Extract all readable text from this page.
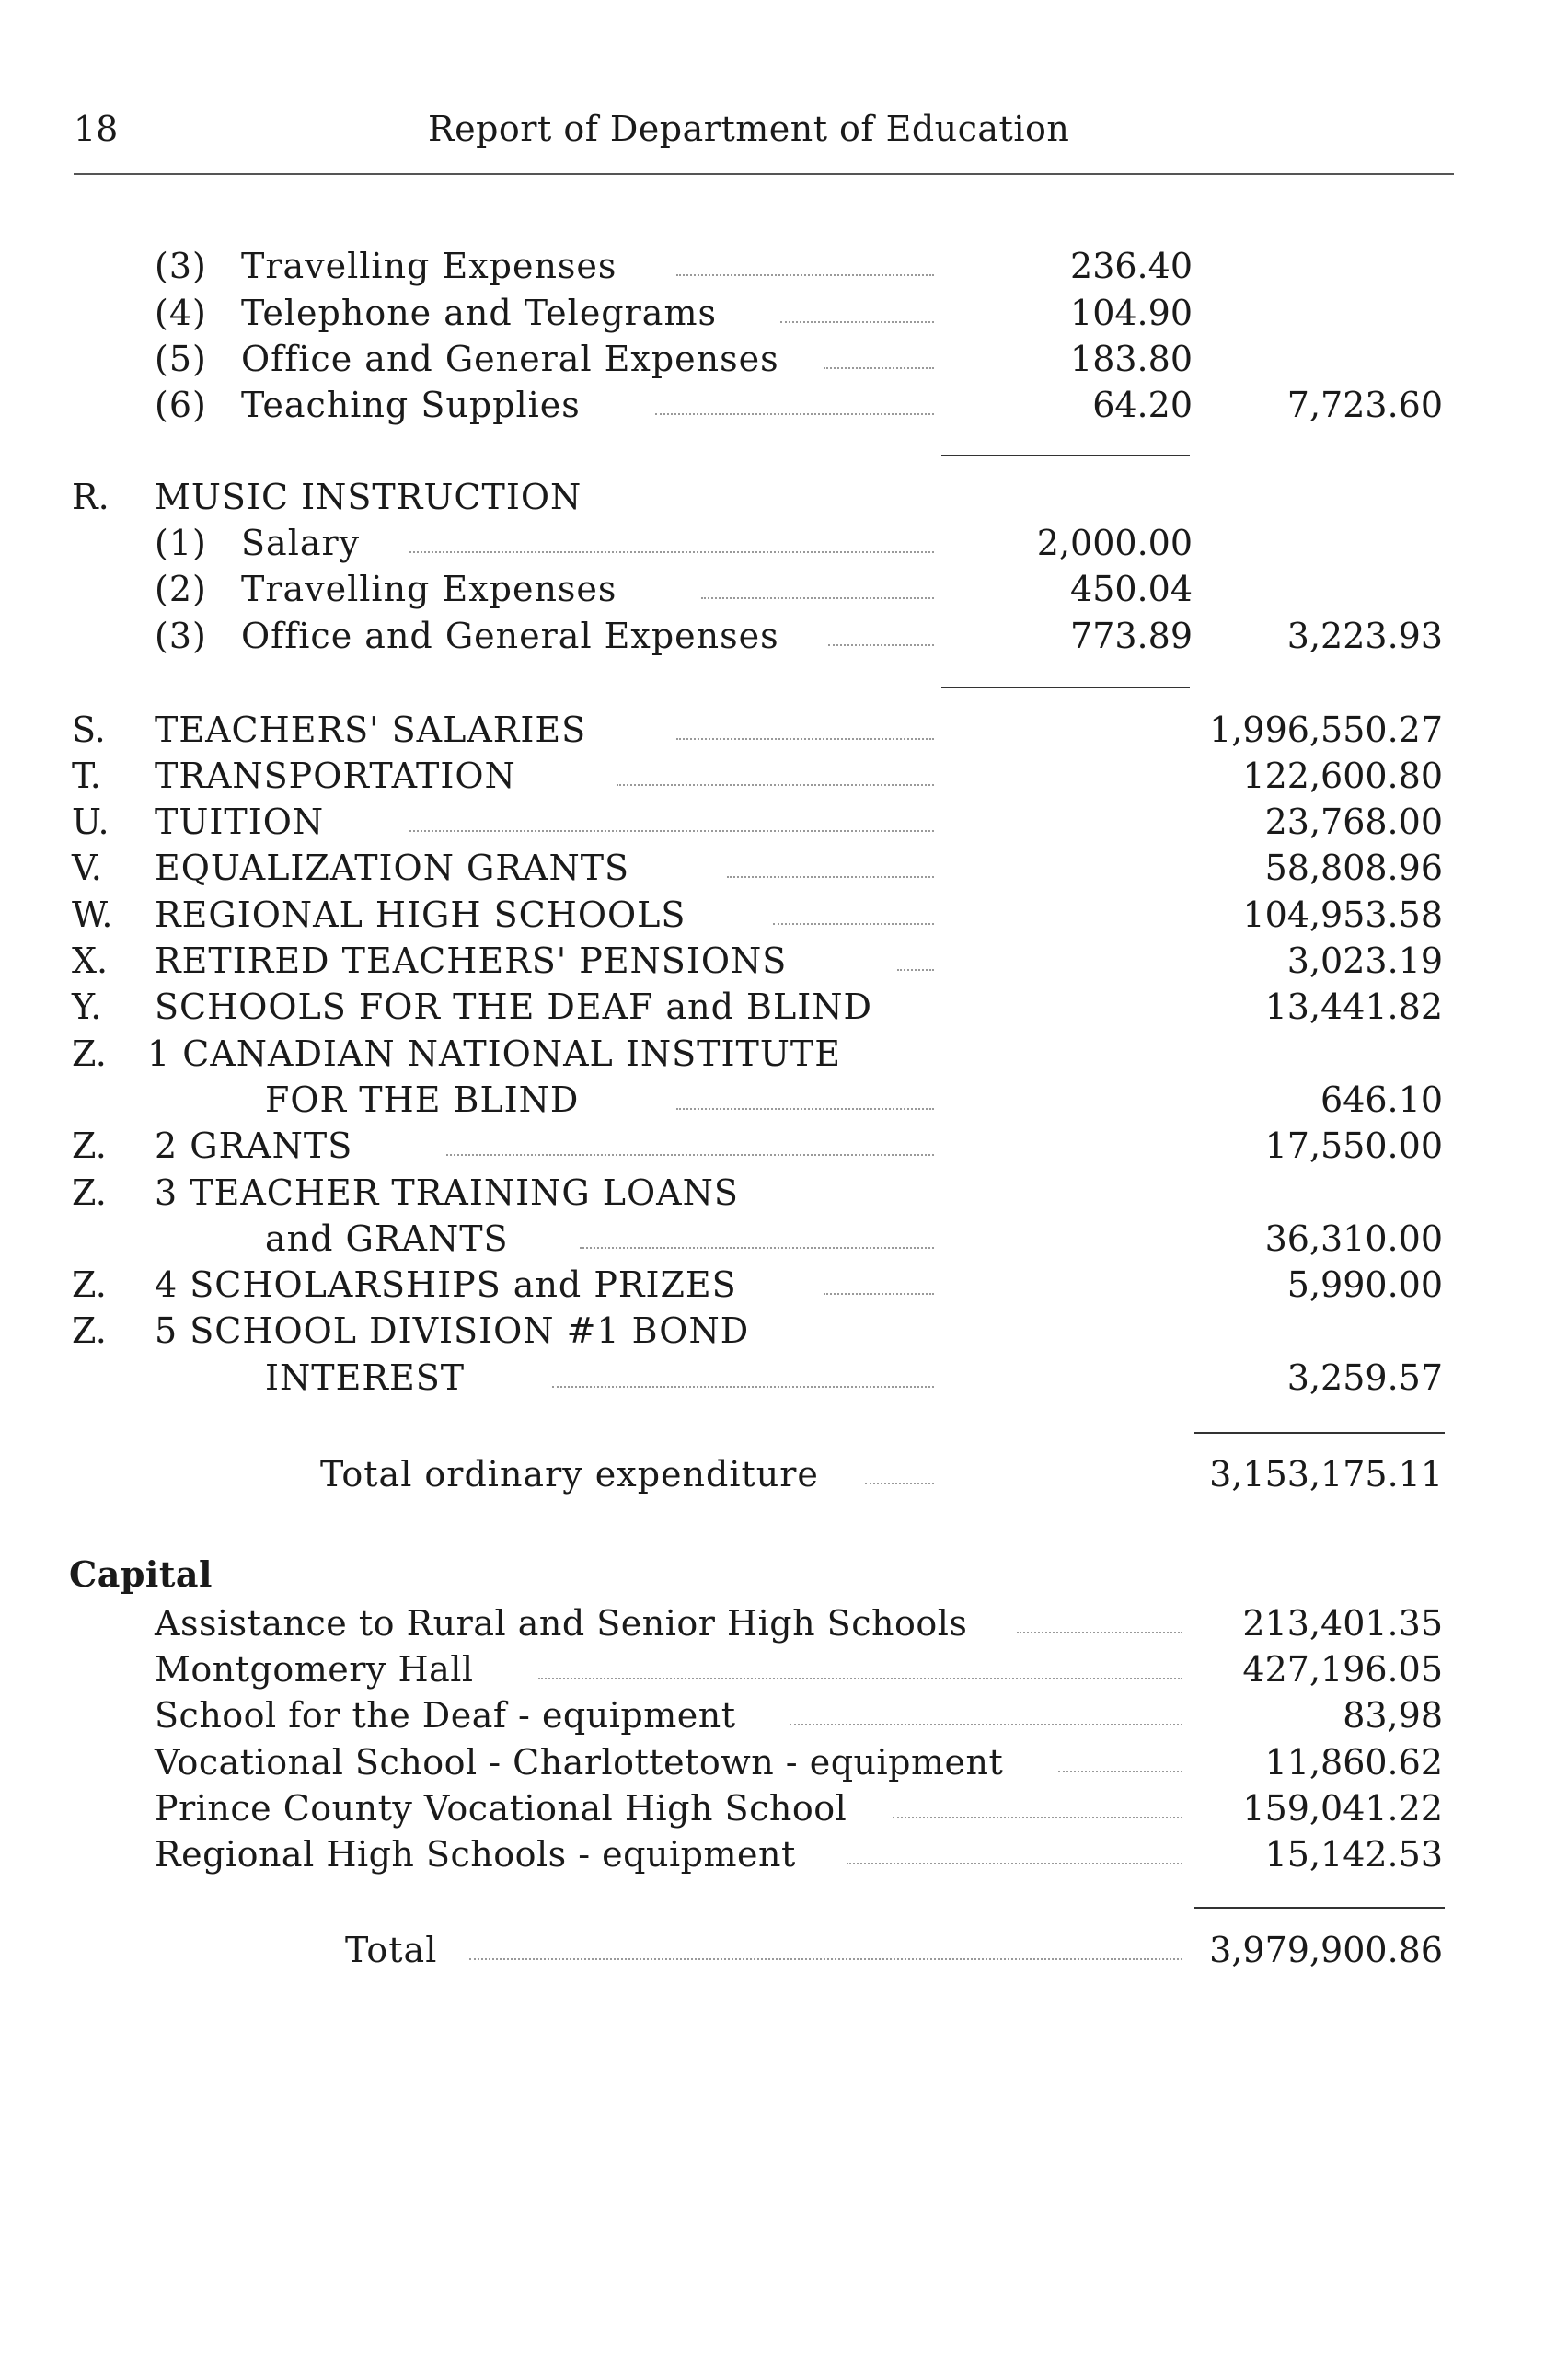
18	Report of Department of Education
(3) Travelling Expenses	236.40
(4) Telephone and Telegrams	104.90
(5) Office and General Expenses	183.80
(6) Teaching Supplies	64.20	7,723.60
R. MUSIC INSTRUCTION
(1) Salary	2,000.00
(2) Travelling Expenses	450.04
(3) Office and General Expenses	773.89	3,223.93
S. TEACHERS' SALARIES	1,996,550.27
T. TRANSPORTATION	122,600.80
U. TUITION	23,768.00
V. EQUALIZATION GRANTS	58,808.96
W. REGIONAL HIGH SCHOOLS	104,953.58
X. RETIRED TEACHERS' PENSIONS	3,023.19
Y. SCHOOLS FOR THE DEAF and BLIND	13,441.82
Z. 1 CANADIAN NATIONAL INSTITUTE
FOR THE BLIND	646.10
Z. 2 GRANTS	17,550.00
Z. 3 TEACHER TRAINING LOANS
and GRANTS	36,310.00
Z. 4 SCHOLARSHIPS and PRIZES	5,990.00
Z. 5 SCHOOL DIVISION #1 BOND
INTEREST	3,259.57
Total ordinary expenditure	3,153,175.11
Capital
Assistance to Rural and Senior High Schools	213,401.35
Montgomery Hall	427,196.05
School for the Deaf - equipment	83,98
Vocational School - Charlottetown - equipment	11,860.62
Prince County Vocational High School	159,041.22
Regional High Schools - equipment	15,142.53
Total	3,979,900.86
